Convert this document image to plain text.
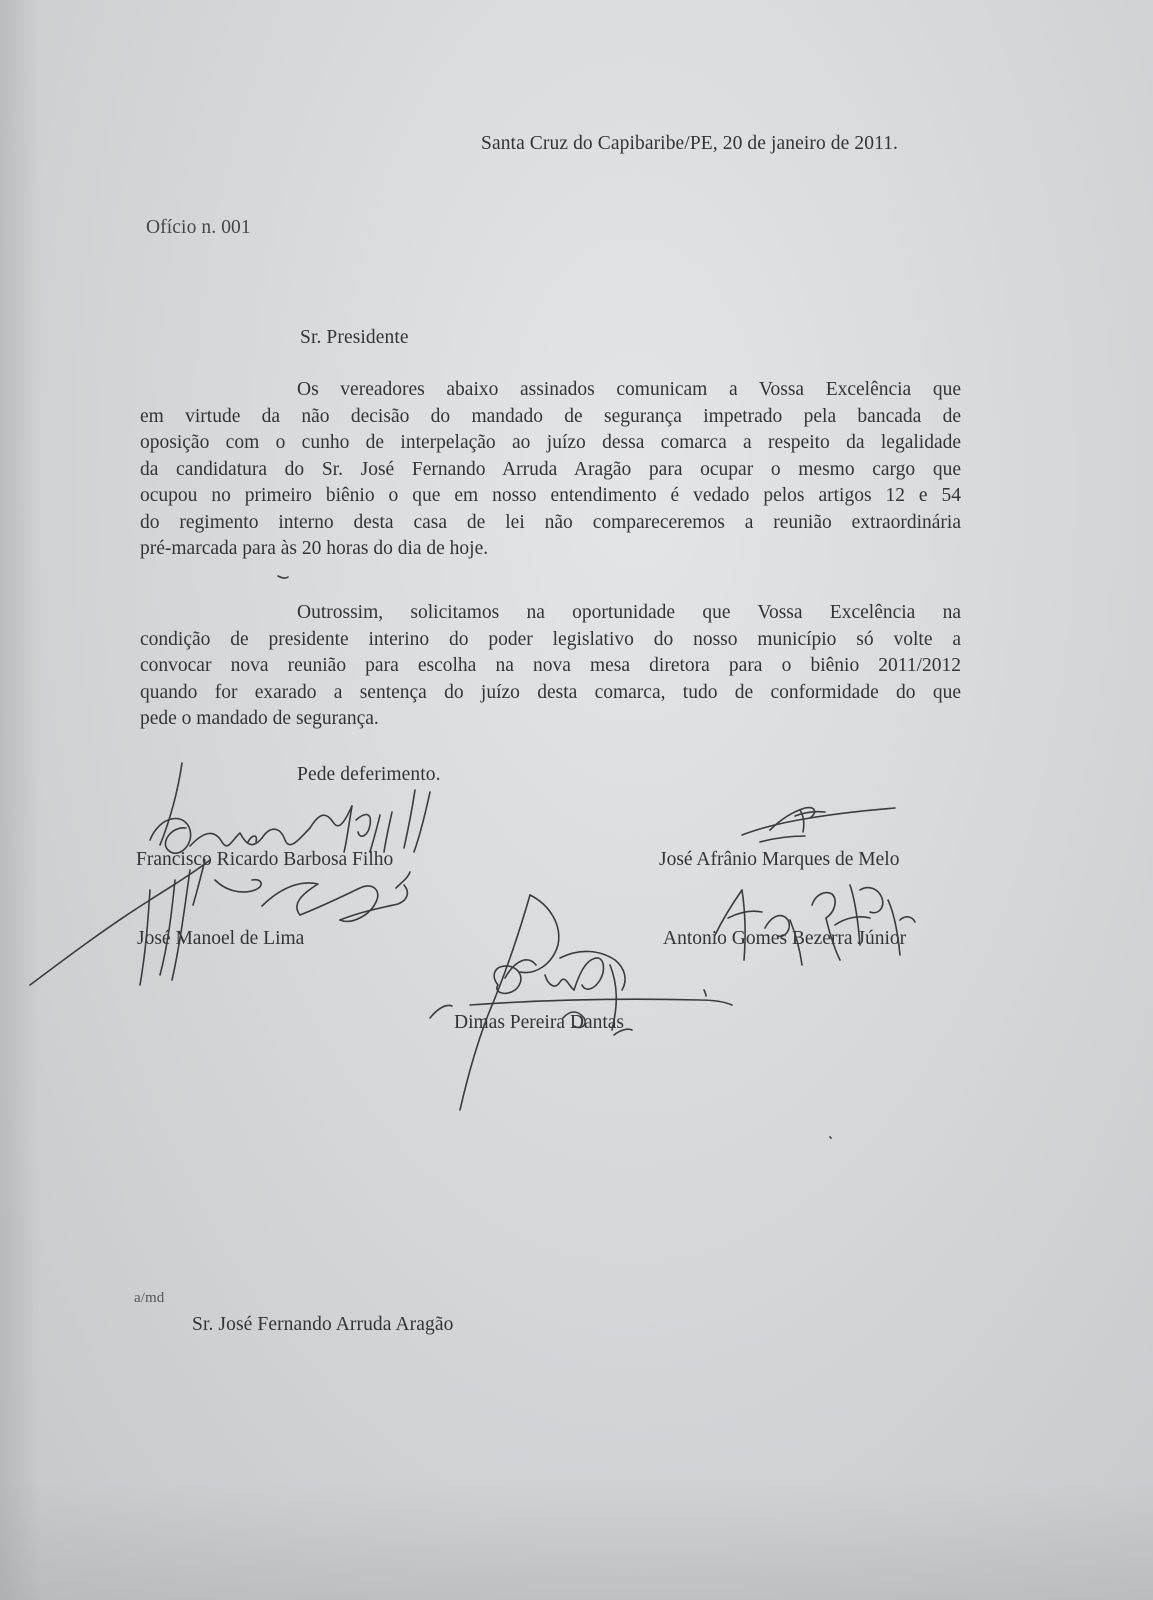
Santa Cruz do Capibaribe/PE, 20 de janeiro de 2011.
Ofício n. 001
Sr. Presidente
Os vereadores abaixo assinados comunicam a Vossa Excelência que
em virtude da não decisão do mandado de segurança impetrado pela bancada de
oposição com o cunho de interpelação ao juízo dessa comarca a respeito da legalidade
da candidatura do Sr. José Fernando Arruda Aragão para ocupar o mesmo cargo que
ocupou no primeiro biênio o que em nosso entendimento é vedado pelos artigos 12 e 54
do regimento interno desta casa de lei não compareceremos a reunião extraordinária
pré-marcada para às 20 horas do dia de hoje.
Outrossim, solicitamos na oportunidade que Vossa Excelência na
condição de presidente interino do poder legislativo do nosso município só volte a
convocar nova reunião para escolha na nova mesa diretora para o biênio 2011/2012
quando for exarado a sentença do juízo desta comarca, tudo de conformidade do que
pede o mandado de segurança.
Pede deferimento.
Francisco Ricardo Barbosa Filho	José Afrânio Marques de Melo
José Manoel de Lima	Antonio Gomes Bezerra Júnior
Dimas Pereira Dantas
a/md
Sr. José Fernando Arruda Aragão
